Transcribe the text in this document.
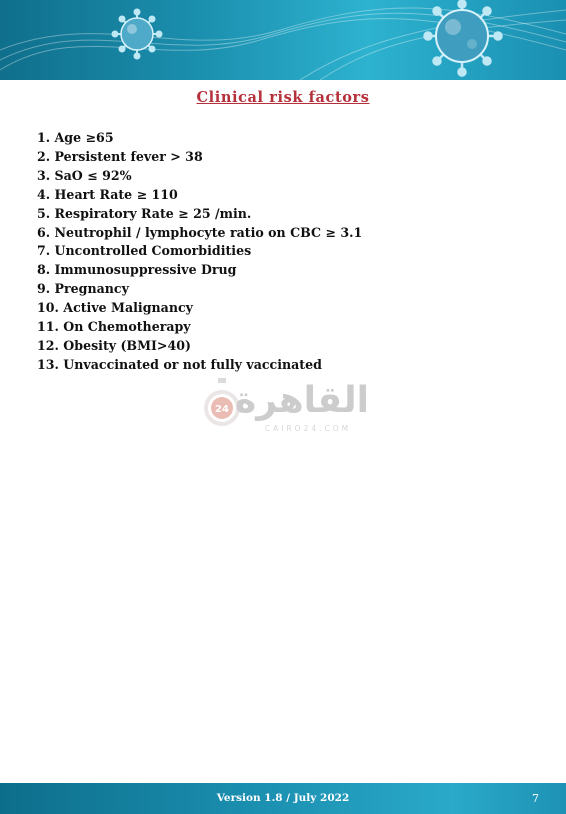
Clinical risk factors
1. Age ≥65
2. Persistent fever > 38
3. SaO ≤ 92%
4. Heart Rate ≥ 110
5. Respiratory Rate ≥ 25 /min.
6. Neutrophil / lymphocyte ratio on CBC ≥ 3.1
7. Uncontrolled Comorbidities
8. Immunosuppressive Drug
9. Pregnancy
10. Active Malignancy
11. On Chemotherapy
12. Obesity (BMI>40)
13. Unvaccinated or not fully vaccinated
24 القاهرة
CAIRO24.COM
Version 1.8 / July 2022	7
